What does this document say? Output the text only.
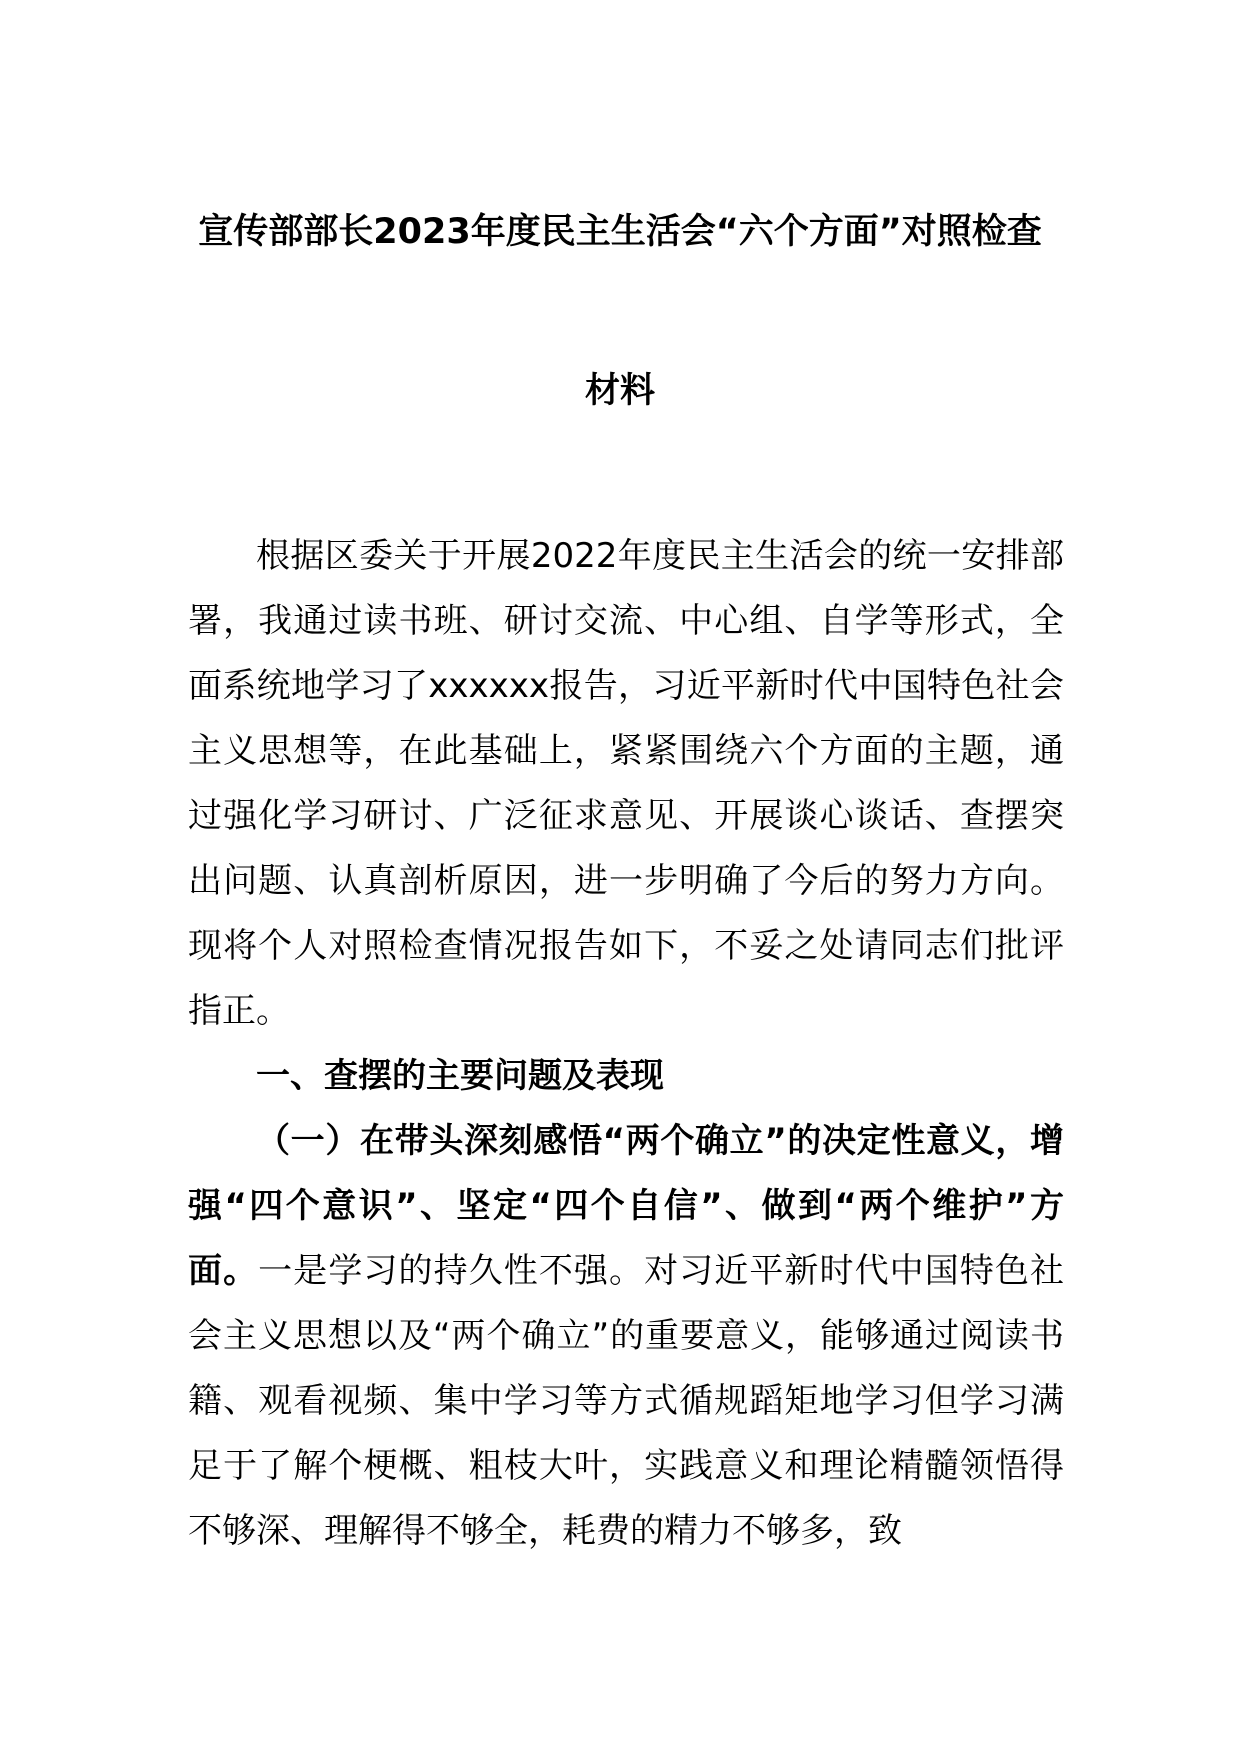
宣传部部长2023年度民主生活会“六个方面”对照检查
材料

根据区委关于开展2022年度民主生活会的统一安排部署，我通过读书班、研讨交流、中心组、自学等形式，全面系统地学习了xxxxxx报告，习近平新时代中国特色社会主义思想等，在此基础上，紧紧围绕六个方面的主题，通过强化学习研讨、广泛征求意见、开展谈心谈话、查摆突出问题、认真剖析原因，进一步明确了今后的努力方向。现将个人对照检查情况报告如下，不妥之处请同志们批评指正。

一、查摆的主要问题及表现

（一）在带头深刻感悟“两个确立”的决定性意义，增强“四个意识”、坚定“四个自信”、做到“两个维护”方面。一是学习的持久性不强。对习近平新时代中国特色社会主义思想以及“两个确立”的重要意义，能够通过阅读书籍、观看视频、集中学习等方式循规蹈矩地学习但学习满足于了解个梗概、粗枝大叶，实践意义和理论精髓领悟得不够深、理解得不够全，耗费的精力不够多，致
